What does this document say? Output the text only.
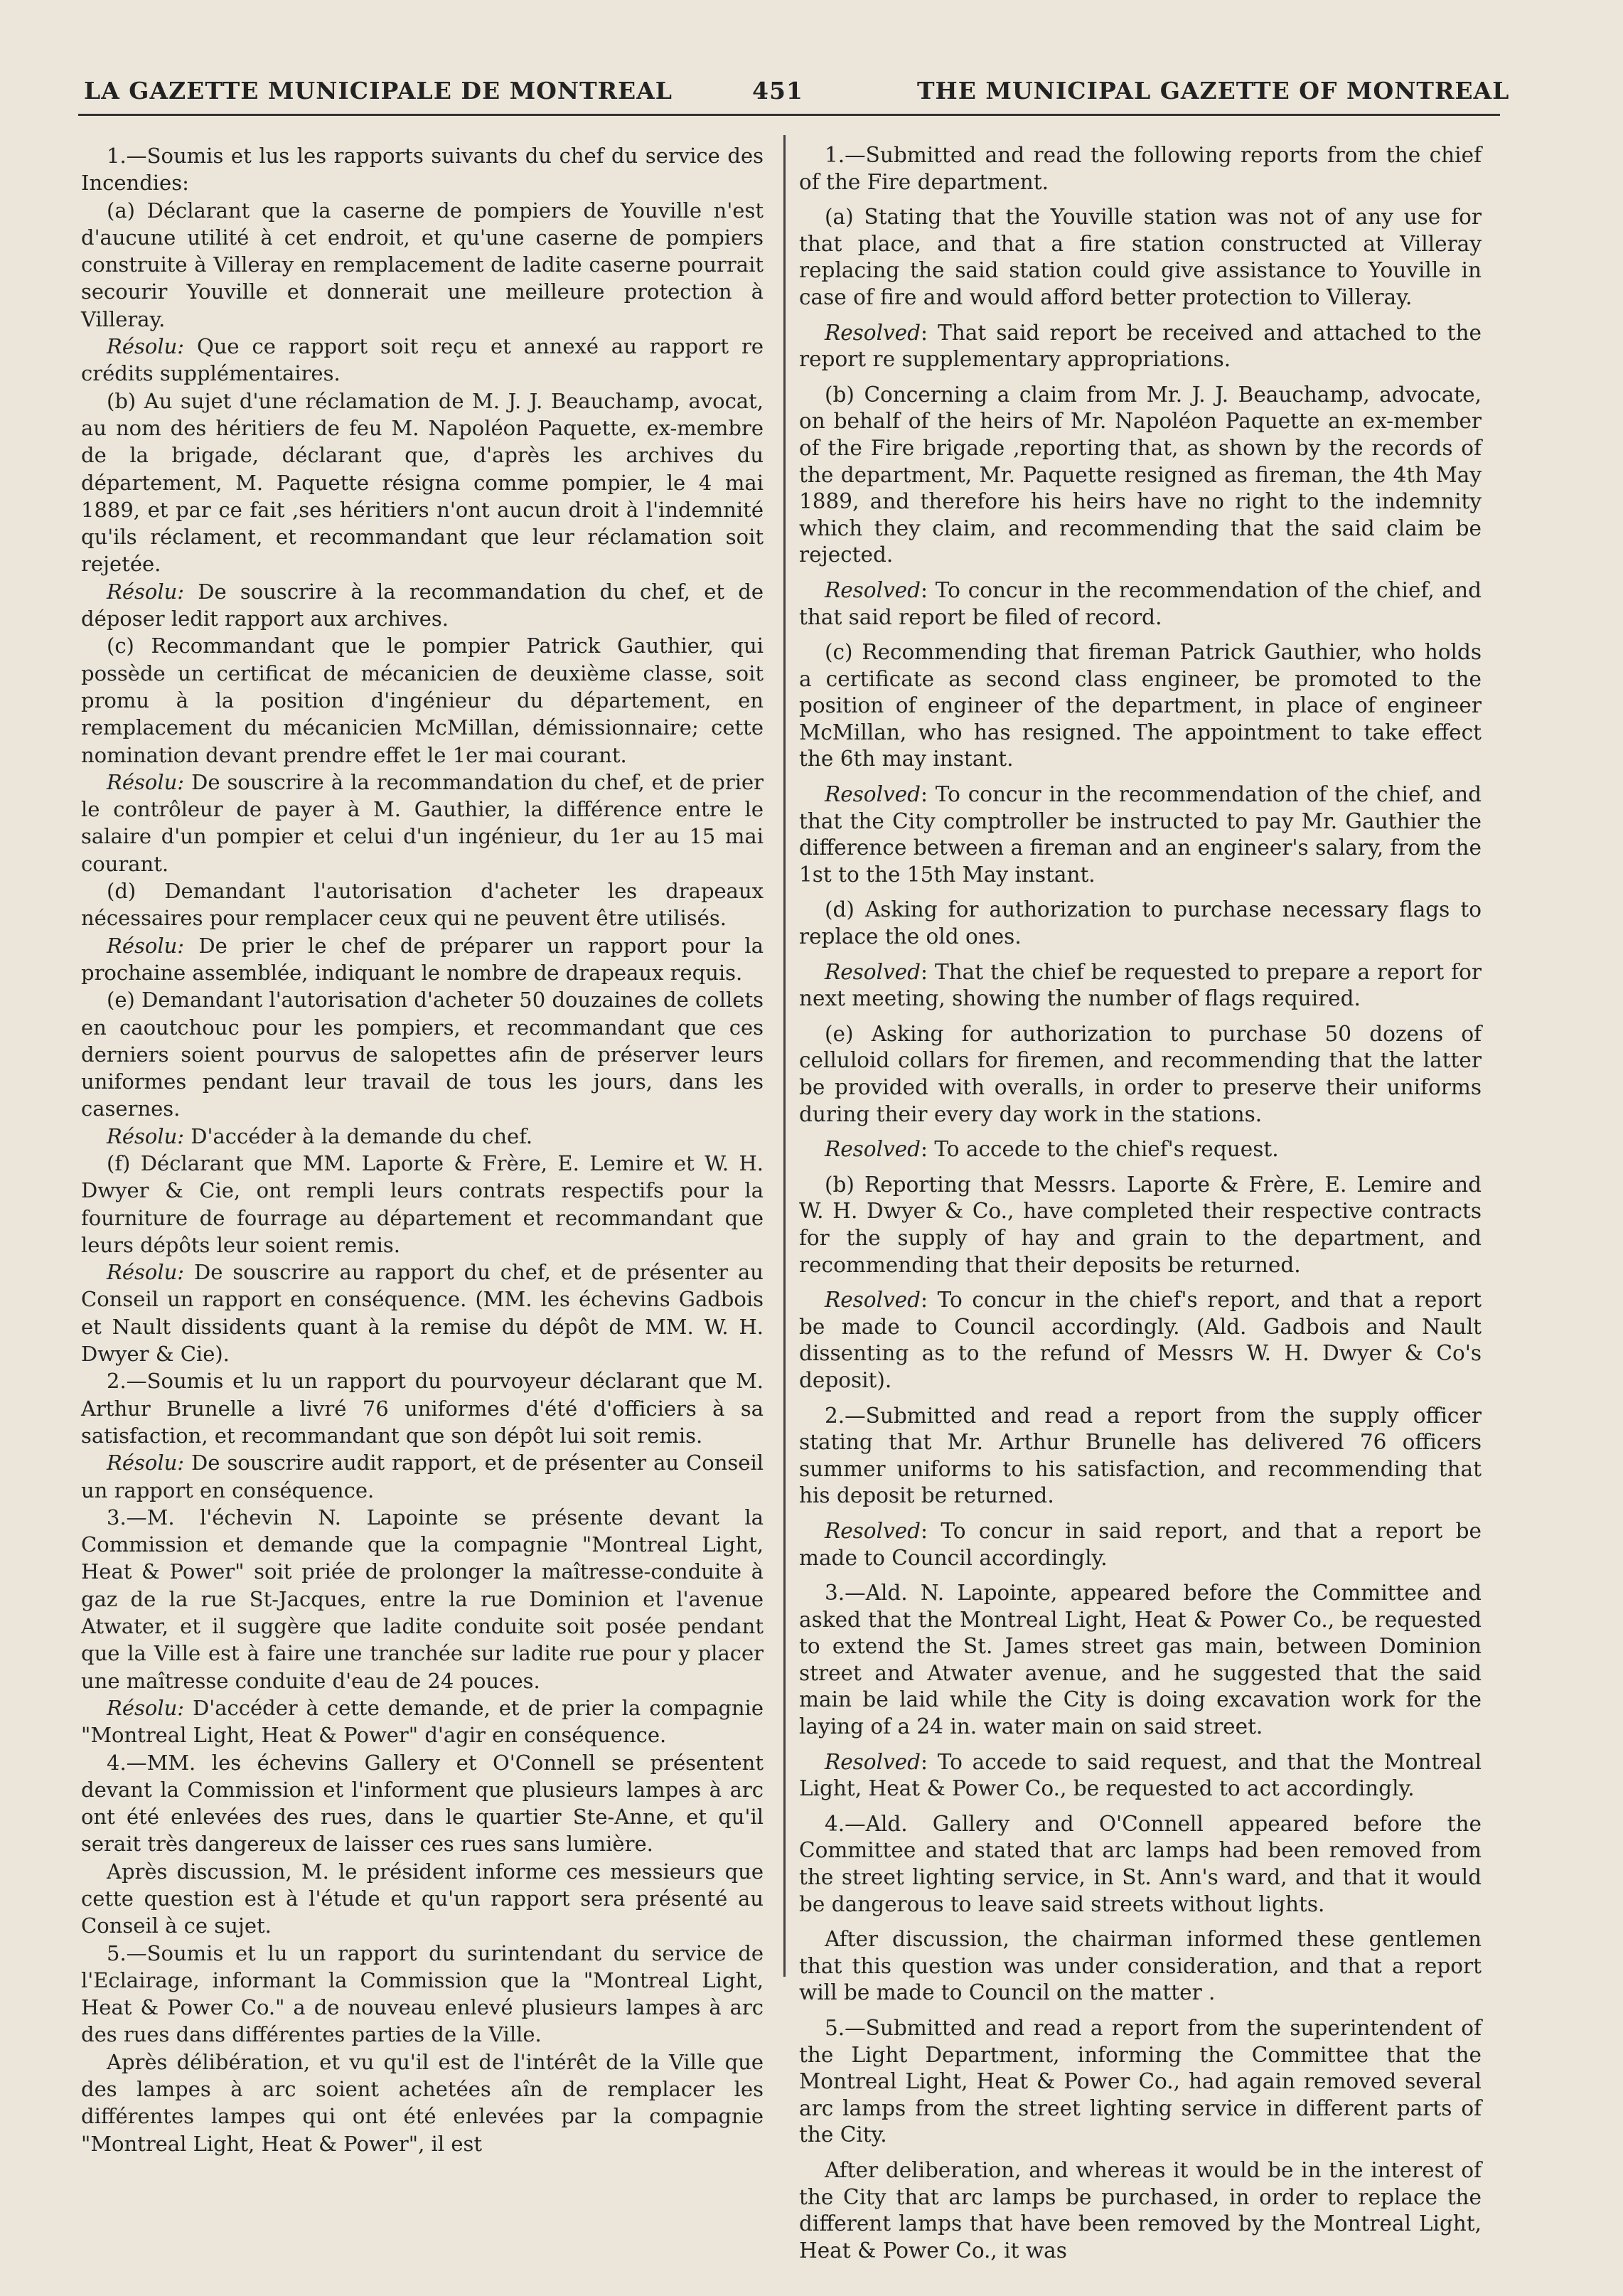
LA GAZETTE MUNICIPALE DE MONTREAL	451	THE MUNICIPAL GAZETTE OF MONTREAL

1.—Soumis et lus les rapports suivants du chef du service des Incendies:

(a) Déclarant que la caserne de pompiers de Youville n'est d'aucune utilité à cet endroit, et qu'une caserne de pompiers construite à Villeray en remplacement de ladite caserne pourrait secourir Youville et donnerait une meilleure protection à Villeray.

Résolu: Que ce rapport soit reçu et annexé au rapport re crédits supplémentaires.

(b) Au sujet d'une réclamation de M. J. J. Beauchamp, avocat, au nom des héritiers de feu M. Napoléon Paquette, ex-membre de la brigade, déclarant que, d'après les archives du département, M. Paquette résigna comme pompier, le 4 mai 1889, et par ce fait ,ses héritiers n'ont aucun droit à l'indemnité qu'ils réclament, et recommandant que leur réclamation soit rejetée.

Résolu: De souscrire à la recommandation du chef, et de déposer ledit rapport aux archives.

(c) Recommandant que le pompier Patrick Gauthier, qui possède un certificat de mécanicien de deuxième classe, soit promu à la position d'ingénieur du département, en remplacement du mécanicien McMillan, démissionnaire; cette nomination devant prendre effet le 1er mai courant.

Résolu: De souscrire à la recommandation du chef, et de prier le contrôleur de payer à M. Gauthier, la différence entre le salaire d'un pompier et celui d'un ingénieur, du 1er au 15 mai courant.

(d) Demandant l'autorisation d'acheter les drapeaux nécessaires pour remplacer ceux qui ne peuvent être utilisés.

Résolu: De prier le chef de préparer un rapport pour la prochaine assemblée, indiquant le nombre de drapeaux requis.

(e) Demandant l'autorisation d'acheter 50 douzaines de collets en caoutchouc pour les pompiers, et recommandant que ces derniers soient pourvus de salopettes afin de préserver leurs uniformes pendant leur travail de tous les jours, dans les casernes.

Résolu: D'accéder à la demande du chef.

(f) Déclarant que MM. Laporte & Frère, E. Lemire et W. H. Dwyer & Cie, ont rempli leurs contrats respectifs pour la fourniture de fourrage au département et recommandant que leurs dépôts leur soient remis.

Résolu: De souscrire au rapport du chef, et de présenter au Conseil un rapport en conséquence. (MM. les échevins Gadbois et Nault dissidents quant à la remise du dépôt de MM. W. H. Dwyer & Cie).

2.—Soumis et lu un rapport du pourvoyeur déclarant que M. Arthur Brunelle a livré 76 uniformes d'été d'officiers à sa satisfaction, et recommandant que son dépôt lui soit remis.

Résolu: De souscrire audit rapport, et de présenter au Conseil un rapport en conséquence.

3.—M. l'échevin N. Lapointe se présente devant la Commission et demande que la compagnie "Montreal Light, Heat & Power" soit priée de prolonger la maîtresse-conduite à gaz de la rue St-Jacques, entre la rue Dominion et l'avenue Atwater, et il suggère que ladite conduite soit posée pendant que la Ville est à faire une tranchée sur ladite rue pour y placer une maîtresse conduite d'eau de 24 pouces.

Résolu: D'accéder à cette demande, et de prier la compagnie "Montreal Light, Heat & Power" d'agir en conséquence.

4.—MM. les échevins Gallery et O'Connell se présentent devant la Commission et l'informent que plusieurs lampes à arc ont été enlevées des rues, dans le quartier Ste-Anne, et qu'il serait très dangereux de laisser ces rues sans lumière.

Après discussion, M. le président informe ces messieurs que cette question est à l'étude et qu'un rapport sera présenté au Conseil à ce sujet.

5.—Soumis et lu un rapport du surintendant du service de l'Eclairage, informant la Commission que la "Montreal Light, Heat & Power Co." a de nouveau enlevé plusieurs lampes à arc des rues dans différentes parties de la Ville.

Après délibération, et vu qu'il est de l'intérêt de la Ville que des lampes à arc soient achetées aîn de remplacer les différentes lampes qui ont été enlevées par la compagnie "Montreal Light, Heat & Power", il est

1.—Submitted and read the following reports from the chief of the Fire department.

(a) Stating that the Youville station was not of any use for that place, and that a fire station constructed at Villeray replacing the said station could give assistance to Youville in case of fire and would afford better protection to Villeray.

Resolved: That said report be received and attached to the report re supplementary appropriations.

(b) Concerning a claim from Mr. J. J. Beauchamp, advocate, on behalf of the heirs of Mr. Napoléon Paquette an ex-member of the Fire brigade ,reporting that, as shown by the records of the department, Mr. Paquette resigned as fireman, the 4th May 1889, and therefore his heirs have no right to the indemnity which they claim, and recommending that the said claim be rejected.

Resolved: To concur in the recommendation of the chief, and that said report be filed of record.

(c) Recommending that fireman Patrick Gauthier, who holds a certificate as second class engineer, be promoted to the position of engineer of the department, in place of engineer McMillan, who has resigned. The appointment to take effect the 6th may instant.

Resolved: To concur in the recommendation of the chief, and that the City comptroller be instructed to pay Mr. Gauthier the difference between a fireman and an engineer's salary, from the 1st to the 15th May instant.

(d) Asking for authorization to purchase necessary flags to replace the old ones.

Resolved: That the chief be requested to prepare a report for next meeting, showing the number of flags required.

(e) Asking for authorization to purchase 50 dozens of celluloid collars for firemen, and recommending that the latter be provided with overalls, in order to preserve their uniforms during their every day work in the stations.

Resolved: To accede to the chief's request.

(b) Reporting that Messrs. Laporte & Frère, E. Lemire and W. H. Dwyer & Co., have completed their respective contracts for the supply of hay and grain to the department, and recommending that their deposits be returned.

Resolved: To concur in the chief's report, and that a report be made to Council accordingly. (Ald. Gadbois and Nault dissenting as to the refund of Messrs W. H. Dwyer & Co's deposit).

2.—Submitted and read a report from the supply officer stating that Mr. Arthur Brunelle has delivered 76 officers summer uniforms to his satisfaction, and recommending that his deposit be returned.

Resolved: To concur in said report, and that a report be made to Council accordingly.

3.—Ald. N. Lapointe, appeared before the Committee and asked that the Montreal Light, Heat & Power Co., be requested to extend the St. James street gas main, between Dominion street and Atwater avenue, and he suggested that the said main be laid while the City is doing excavation work for the laying of a 24 in. water main on said street.

Resolved: To accede to said request, and that the Montreal Light, Heat & Power Co., be requested to act accordingly.

4.—Ald. Gallery and O'Connell appeared before the Committee and stated that arc lamps had been removed from the street lighting service, in St. Ann's ward, and that it would be dangerous to leave said streets without lights.

After discussion, the chairman informed these gentlemen that this question was under consideration, and that a report will be made to Council on the matter .

5.—Submitted and read a report from the superintendent of the Light Department, informing the Committee that the Montreal Light, Heat & Power Co., had again removed several arc lamps from the street lighting service in different parts of the City.

After deliberation, and whereas it would be in the interest of the City that arc lamps be purchased, in order to replace the different lamps that have been removed by the Montreal Light, Heat & Power Co., it was
